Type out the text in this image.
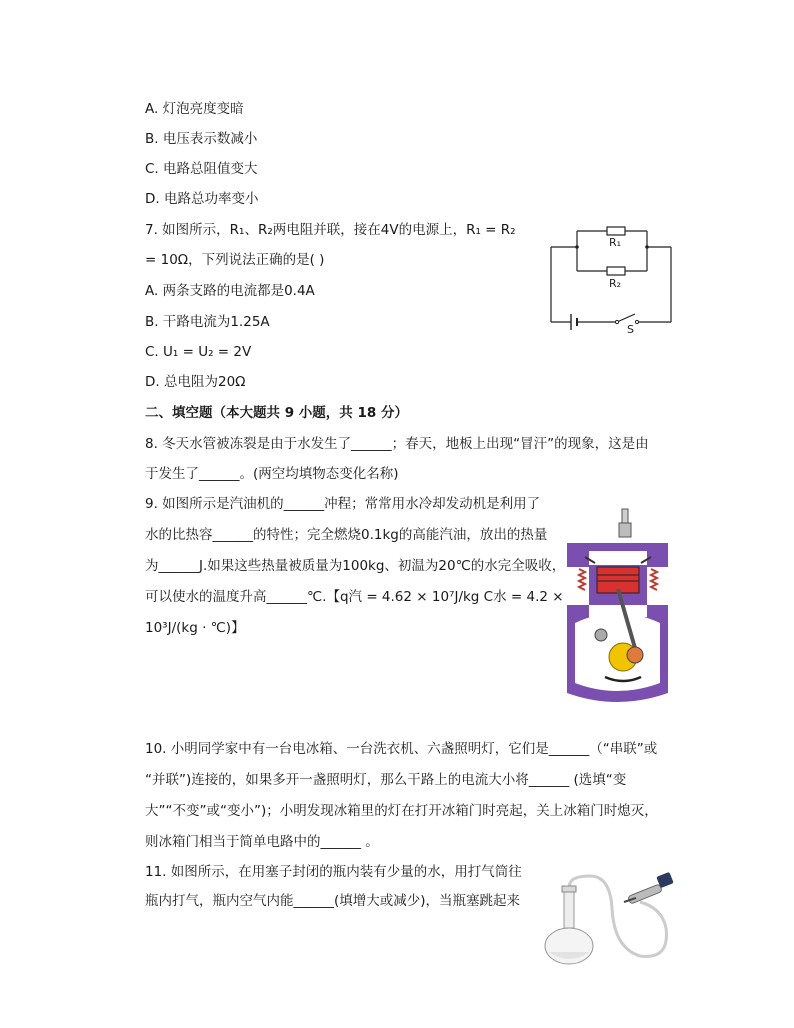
A. 灯泡亮度变暗
B. 电压表示数减小
C. 电路总阻值变大
D. 电路总功率变小
7. 如图所示，R₁、R₂两电阻并联，接在4V的电源上，R₁ = R₂
= 10Ω，下列说法正确的是( )
A. 两条支路的电流都是0.4A
B. 干路电流为1.25A
C. U₁ = U₂ = 2V
D. 总电阻为20Ω
R₁
R₂
S
二、填空题（本大题共 9 小题，共 18 分）
8. 冬天水管被冻裂是由于水发生了______；春天，地板上出现“冒汗”的现象，这是由
于发生了______。(两空均填物态变化名称)
9. 如图所示是汽油机的______冲程；常常用水冷却发动机是利用了
水的比热容______的特性；完全燃烧0.1kg的高能汽油，放出的热量
为______J.如果这些热量被质量为100kg、初温为20℃的水完全吸收，
可以使水的温度升高______℃.【q汽 = 4.62 × 10⁷J/kg C水 = 4.2 ×
10³J/(kg · ℃)】
10. 小明同学家中有一台电冰箱、一台洗衣机、六盏照明灯，它们是______（“串联”或
“并联”)连接的，如果多开一盏照明灯，那么干路上的电流大小将______ (选填“变
大”“不变”或“变小”)；小明发现冰箱里的灯在打开冰箱门时亮起，关上冰箱门时熄灭，
则冰箱门相当于简单电路中的______ 。
11. 如图所示，在用塞子封闭的瓶内装有少量的水，用打气筒往
瓶内打气，瓶内空气内能______(填增大或减少)，当瓶塞跳起来
